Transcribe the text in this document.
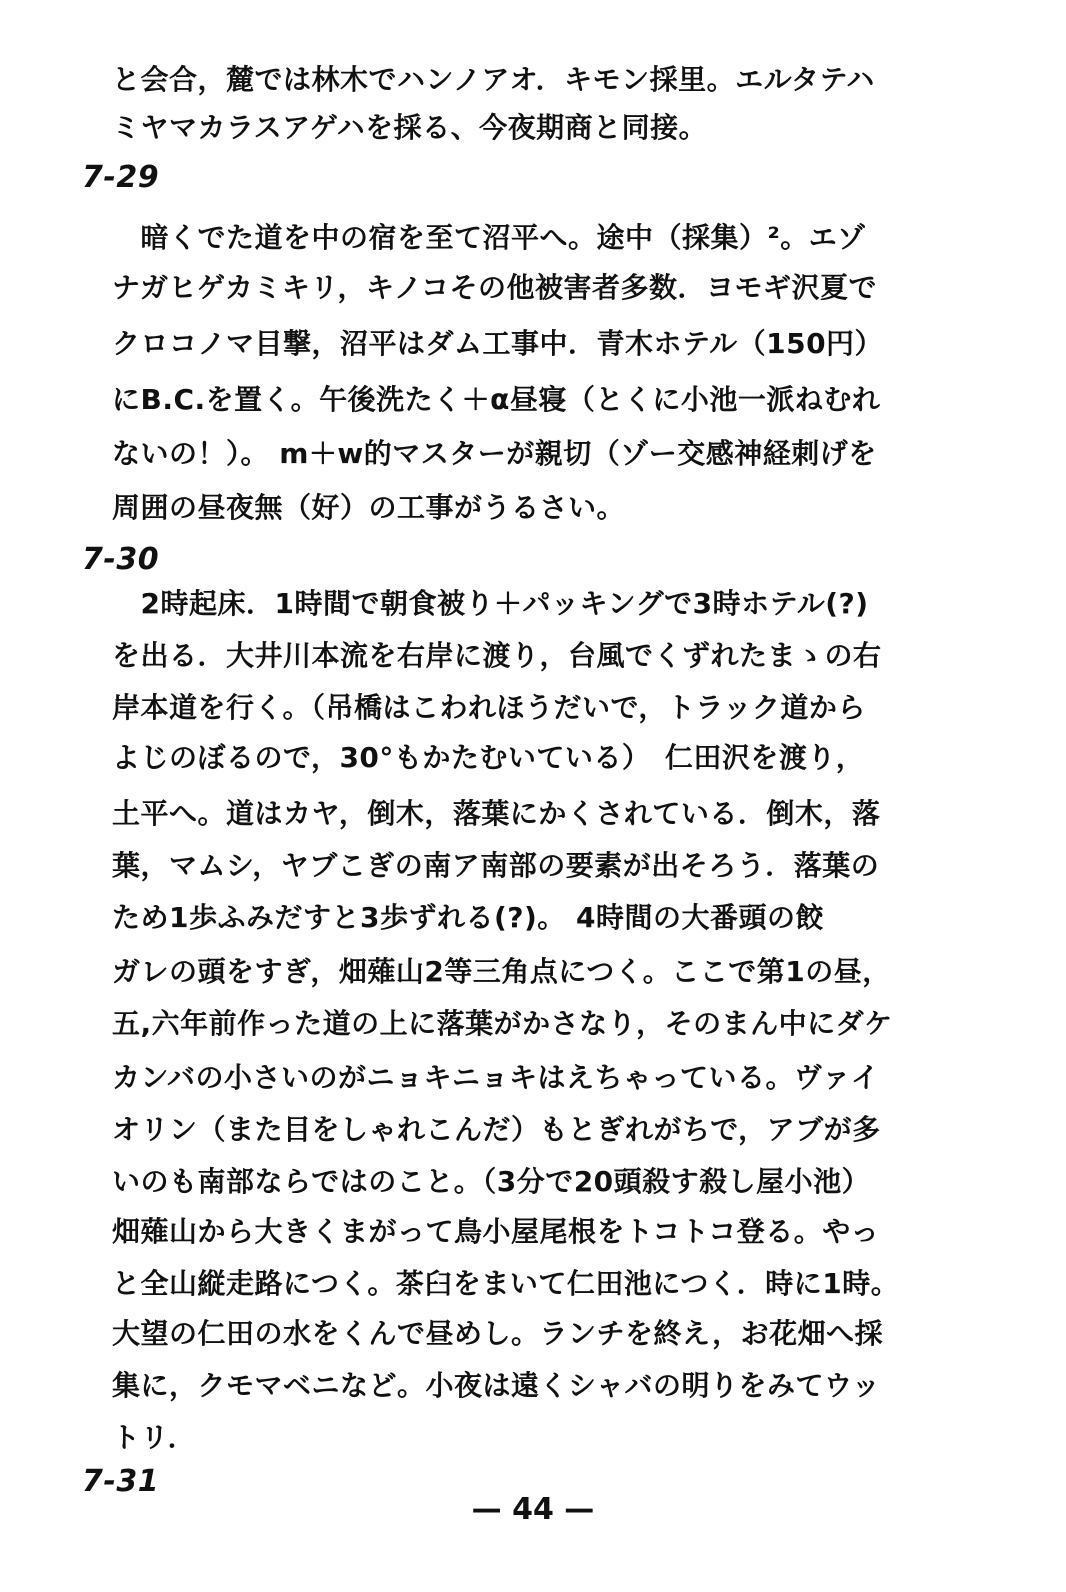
と会合，麓では林木でハンノアオ．キモン採里。エルタテハ
ミヤマカラスアゲハを採る、今夜期商と同接。
7-29
　暗くでた道を中の宿を至て沼平へ。途中（採集）²。エゾ
ナガヒゲカミキリ，キノコその他被害者多数．ヨモギ沢夏で
クロコノマ目撃，沼平はダム工事中．青木ホテル（150円）
にB.C.を置く。午後洗たく＋α昼寝（とくに小池一派ねむれ
ないの！）。 m＋w的マスターが親切（ゾー交感神経刺げを
周囲の昼夜無（好）の工事がうるさい。
7-30
　2時起床．1時間で朝食被り＋パッキングで3時ホテル(?)
を出る．大井川本流を右岸に渡り，台風でくずれたまゝの右
岸本道を行く。（吊橋はこわれほうだいで，トラック道から
よじのぼるので，30°もかたむいている）　仁田沢を渡り，
土平へ。道はカヤ，倒木，落葉にかくされている．倒木，落
葉，マムシ，ヤブこぎの南ア南部の要素が出そろう．落葉の
ため1歩ふみだすと3歩ずれる(?)。 4時間の大番頭の餃
ガレの頭をすぎ，畑薙山2等三角点につく。ここで第1の昼，
五,六年前作った道の上に落葉がかさなり，そのまん中にダケ
カンバの小さいのがニョキニョキはえちゃっている。ヴァイ
オリン（また目をしゃれこんだ）もとぎれがちで，アブが多
いのも南部ならではのこと。（3分で20頭殺す殺し屋小池）
畑薙山から大きくまがって鳥小屋尾根をトコトコ登る。やっ
と全山縦走路につく。茶臼をまいて仁田池につく．時に1時。
大望の仁田の水をくんで昼めし。ランチを終え，お花畑へ採
集に，クモマベニなど。小夜は遠くシャバの明りをみてウッ
トリ．
7-31
— 44 —
